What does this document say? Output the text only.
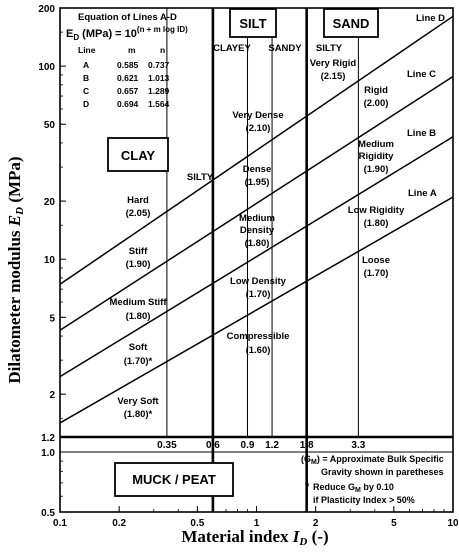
0.1	0.2	0.5	1	2	5	10
200
100
50
20
10
5
2
1.2
1.0
0.5
0.35	0.6 0.9 1.2 1.8	3.3
Material index ID (-)
Dilatometer modulus ED (MPa)
Equation of Lines A-D
$E_D$ $(MPa) = 10^{(n + m log ID)}$
Line	m	n
A	0.585 0.737
B	0.621 1.013
C	0.657 1.289
D	0.694 1.564
CLAY
SILT	SAND
MUCK / PEAT
SILTY
CLAYEY SANDY SILTY
Line D
Line C
Line B
Line A
Hard
(2.05)
Stiff
(1.90)
Medium Stiff
(1.80)
Soft
(1.70)*
Very Soft
(1.80)*
Very Dense
(2.10)
Dense
(1.95)
Medium
Density
(1.80)
Low Density
(1.70)
Compressible
(1.60)
Very Rigid
(2.15)
Rigid
(2.00)
Medium
Rigidity
(1.90)
Low Rigidity
(1.80)
Loose
(1.70)
$(G_M)$ = Approximate Bulk Specific
Gravity shown in paretheses
* Reduce $G_M$ by 0.10
if Plasticity Index > 50%
